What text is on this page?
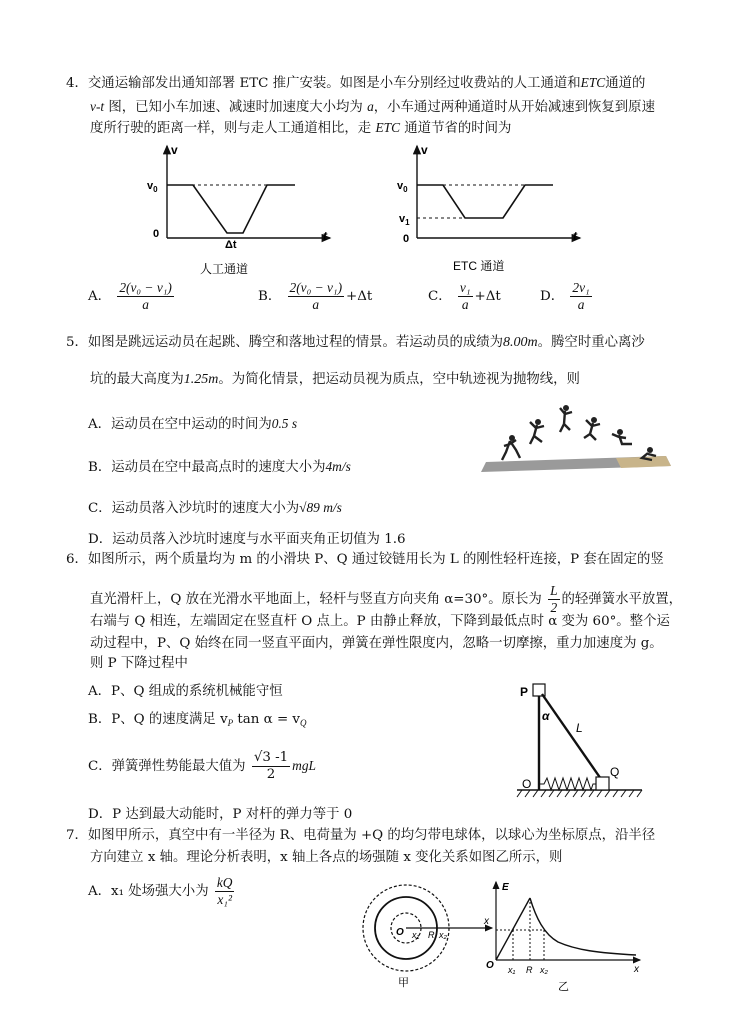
4．交通运输部发出通知部署 ETC 推广安装。如图是小车分别经过收费站的人工通道和ETC通道的
v-t 图，已知小车加速、减速时加速度大小均为 a，小车通过两种通道时从开始减速到恢复到原速
度所行驶的距离一样，则与走人工通道相比，走 ETC 通道节省的时间为
v
$v_0$
0	t
Δt
人工通道
v
$v_0$
$v_1$
0	t
ETC 通道
A． $\frac{\text{2(v₀ − v₁)}}{a}$	B． $\frac{\text{2(v₀ − v₁)}}{a} +\Delta t$	C． $\frac{\text{v₁}}{a} +\Delta t$	D． $\frac{\text{2v₁}}{a}$
5．如图是跳远运动员在起跳、腾空和落地过程的情景。若运动员的成绩为8.00m。腾空时重心离沙
坑的最大高度为1.25m。为简化情景，把运动员视为质点，空中轨迹视为抛物线，则
A．运动员在空中运动的时间为0.5 s
B．运动员在空中最高点时的速度大小为4m/s
C．运动员落入沙坑时的速度大小为√89 m/s
D．运动员落入沙坑时速度与水平面夹角正切值为 1.6
6．如图所示，两个质量均为 m 的小滑块 P、Q 通过铰链用长为 L 的刚性轻杆连接，P 套在固定的竖
直光滑杆上，Q 放在光滑水平地面上，轻杆与竖直方向夹角 α=30°。原长为 $\frac{L}{2}$ 的轻弹簧水平放置，
右端与 Q 相连，左端固定在竖直杆 O 点上。P 由静止释放，下降到最低点时 α 变为 60°。整个运
动过程中，P、Q 始终在同一竖直平面内，弹簧在弹性限度内，忽略一切摩擦，重力加速度为 g。
则 P 下降过程中
A．P、Q 组成的系统机械能守恒
B．P、Q 的速度满足 $v_P$ $\tan \alpha = v_Q$
C．弹簧弹性势能最大值为 $\frac{√3 -1}{2}$ mgL
D．P 达到最大动能时，P 对杆的弹力等于 0
P
α
L
O
Q
7．如图甲所示，真空中有一半径为 R、电荷量为 +Q 的均匀带电球体，以球心为坐标原点，沿半径
方向建立 x 轴。理论分析表明，x 轴上各点的场强随 x 变化关系如图乙所示，则
A．x₁ 处场强大小为 $\frac{kQ}{\text{x₁²}}$
O x₁ R x₂
x
甲
E
O x₁ R x₂	x
乙
